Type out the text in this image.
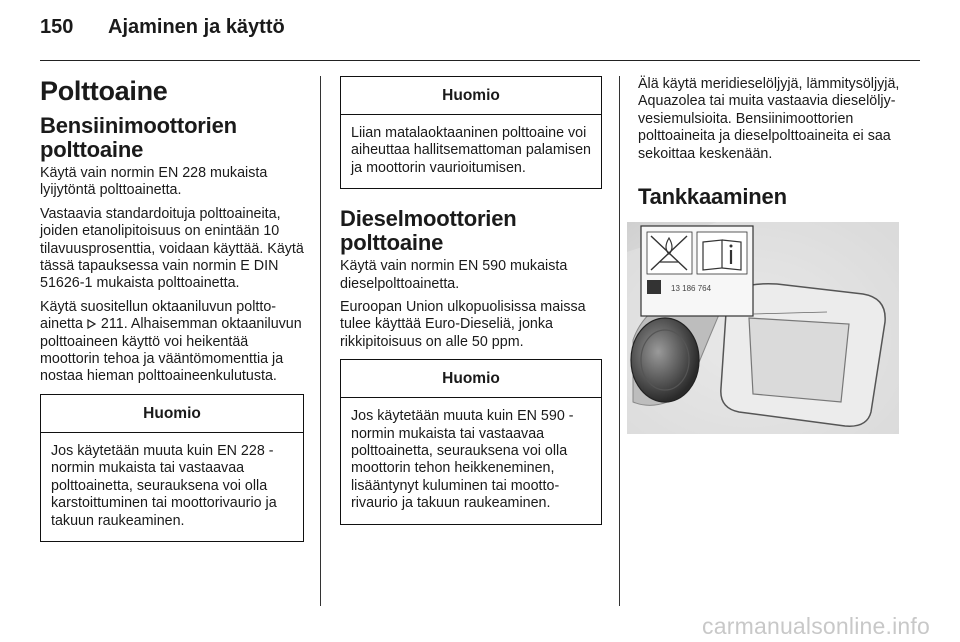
150 Ajaminen ja käyttö
Polttoaine
Bensiinimoottorien polttoaine
Käytä vain normin EN 228 mukaista lyijytöntä polttoainetta.
Vastaavia standardoituja polttoaineita, joiden etanolipitoisuus on enintään 10 tilavuusprosenttia, voidaan käyttää. Käytä tässä tapauksessa vain normin E DIN 51626-1 mukaista polttoainetta.
Käytä suositellun oktaaniluvun polttoainetta  211. Alhaisemman oktaaniluvun polttoaineen käyttö voi heikentää moottorin tehoa ja vääntömomenttia ja nostaa hieman polttoaineenkulutusta.
Huomio
Jos käytetään muuta kuin EN 228 -normin mukaista tai vastaavaa polttoainetta, seurauksena voi olla karstoittuminen tai moottorivaurio ja takuun raukeaminen.
Huomio
Liian matalaoktaaninen polttoaine voi aiheuttaa hallitsemattoman palamisen ja moottorin vaurioitumisen.
Dieselmoottorien polttoaine
Käytä vain normin EN 590 mukaista dieselpolttoainetta.
Euroopan Union ulkopuolisissa maissa tulee käyttää Euro-Dieseliä, jonka rikkipitoisuus on alle 50 ppm.
Huomio
Jos käytetään muuta kuin EN 590 -normin mukaista tai vastaavaa polttoainetta, seurauksena voi olla moottorin tehon heikkeneminen, lisääntynyt kuluminen tai moottorivaurio ja takuun raukeaminen.
Älä käytä meridieselöljyjä, lämmitysöljyjä, Aquazolea tai muita vastaavia dieselöljy-vesiemulsioita. Bensiinimoottorien polttoaineita ja dieselpolttoaineita ei saa sekoittaa keskenään.
Tankkaaminen
13 186 764
carmanualsonline.info
